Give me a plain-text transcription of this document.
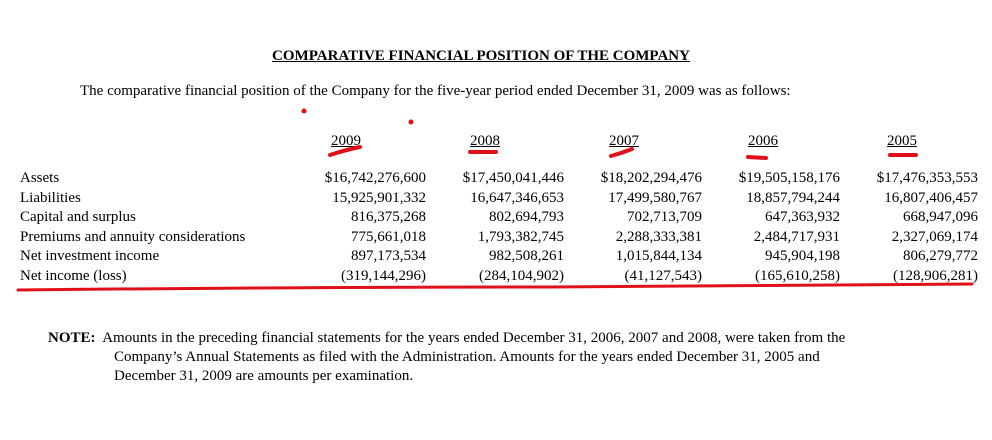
COMPARATIVE FINANCIAL POSITION OF THE COMPANY
The comparative financial position of the Company for the five-year period ended December 31, 2009 was as follows:
2009	2008	2007	2006	2005
Assets	$16,742,276,600	$17,450,041,446	$18,202,294,476	$19,505,158,176	$17,476,353,553
Liabilities	15,925,901,332	16,647,346,653	17,499,580,767	18,857,794,244	16,807,406,457
Capital and surplus	816,375,268	802,694,793	702,713,709	647,363,932	668,947,096
Premiums and annuity considerations	775,661,018	1,793,382,745	2,288,333,381	2,484,717,931	2,327,069,174
Net investment income	897,173,534	982,508,261	1,015,844,134	945,904,198	806,279,772
Net income (loss)	(319,144,296)	(284,104,902)	(41,127,543)	(165,610,258)	(128,906,281)
NOTE: Amounts in the preceding financial statements for the years ended December 31, 2006, 2007 and 2008, were taken from the
Company’s Annual Statements as filed with the Administration. Amounts for the years ended December 31, 2005 and
December 31, 2009 are amounts per examination.
